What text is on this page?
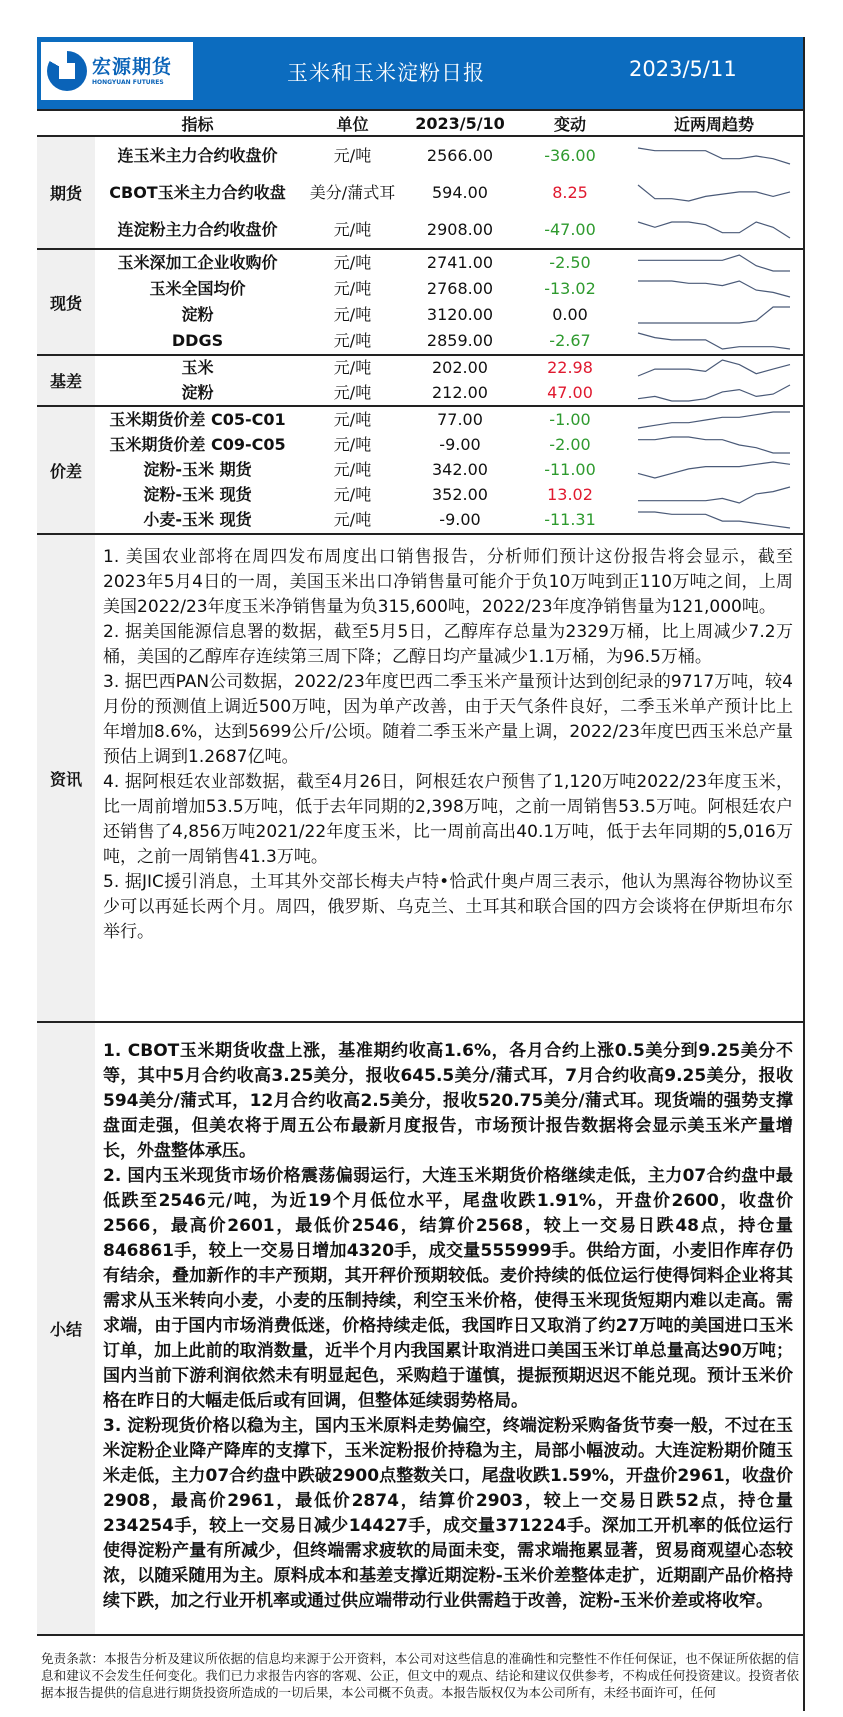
宏源期货
HONGYUAN FUTURES	玉米和玉米淀粉日报	2023/5/11
指标	单位	2023/5/10	变动	近两周趋势
期货
连玉米主力合约收盘价	元/吨	2566.00	-36.00
CBOT玉米主力合约收盘	美分/蒲式耳	594.00	8.25
连淀粉主力合约收盘价	元/吨	2908.00	-47.00
现货
玉米深加工企业收购价	元/吨	2741.00	-2.50
玉米全国均价	元/吨	2768.00	-13.02
淀粉	元/吨	3120.00	0.00
DDGS	元/吨	2859.00	-2.67
基差
玉米	元/吨	202.00	22.98
淀粉	元/吨	212.00	47.00
价差
玉米期货价差 C05-C01	元/吨	77.00	-1.00
玉米期货价差 C09-C05	元/吨	-9.00	-2.00
淀粉-玉米 期货	元/吨	342.00	-11.00
淀粉-玉米 现货	元/吨	352.00	13.02
小麦-玉米 现货	元/吨	-9.00	-11.31
资讯

1. 美国农业部将在周四发布周度出口销售报告，分析师们预计这份报告将会显示，截至2023年5月4日的一周，美国玉米出口净销售量可能介于负10万吨到正110万吨之间，上周美国2022/23年度玉米净销售量为负315,600吨，2022/23年度净销售量为121,000吨。

2. 据美国能源信息署的数据，截至5月5日，乙醇库存总量为2329万桶，比上周减少7.2万桶，美国的乙醇库存连续第三周下降；乙醇日均产量减少1.1万桶，为96.5万桶。

3. 据巴西PAN公司数据，2022/23年度巴西二季玉米产量预计达到创纪录的9717万吨，较4月份的预测值上调近500万吨，因为单产改善，由于天气条件良好，二季玉米单产预计比上年增加8.6%，达到5699公斤/公顷。随着二季玉米产量上调，2022/23年度巴西玉米总产量预估上调到1.2687亿吨。

4. 据阿根廷农业部数据，截至4月26日，阿根廷农户预售了1,120万吨2022/23年度玉米，比一周前增加53.5万吨，低于去年同期的2,398万吨，之前一周销售53.5万吨。阿根廷农户还销售了4,856万吨2021/22年度玉米，比一周前高出40.1万吨，低于去年同期的5,016万吨，之前一周销售41.3万吨。

5. 据JIC援引消息，土耳其外交部长梅夫卢特•恰武什奥卢周三表示，他认为黑海谷物协议至少可以再延长两个月。周四，俄罗斯、乌克兰、土耳其和联合国的四方会谈将在伊斯坦布尔举行。

小结

1. CBOT玉米期货收盘上涨，基准期约收高1.6%，各月合约上涨0.5美分到9.25美分不等，其中5月合约收高3.25美分，报收645.5美分/蒲式耳，7月合约收高9.25美分，报收594美分/蒲式耳，12月合约收高2.5美分，报收520.75美分/蒲式耳。现货端的强势支撑盘面走强，但美农将于周五公布最新月度报告，市场预计报告数据将会显示美玉米产量增长，外盘整体承压。

2. 国内玉米现货市场价格震荡偏弱运行，大连玉米期货价格继续走低，主力07合约盘中最低跌至2546元/吨，为近19个月低位水平，尾盘收跌1.91%，开盘价2600，收盘价2566，最高价2601，最低价2546，结算价2568，较上一交易日跌48点，持仓量846861手，较上一交易日增加4320手，成交量555999手。供给方面，小麦旧作库存仍有结余，叠加新作的丰产预期，其开秤价预期较低。麦价持续的低位运行使得饲料企业将其需求从玉米转向小麦，小麦的压制持续，利空玉米价格，使得玉米现货短期内难以走高。需求端，由于国内市场消费低迷，价格持续走低，我国昨日又取消了约27万吨的美国进口玉米订单，加上此前的取消数量，近半个月内我国累计取消进口美国玉米订单总量高达90万吨；国内当前下游利润依然未有明显起色，采购趋于谨慎，提振预期迟迟不能兑现。预计玉米价格在昨日的大幅走低后或有回调，但整体延续弱势格局。

3. 淀粉现货价格以稳为主，国内玉米原料走势偏空，终端淀粉采购备货节奏一般，不过在玉米淀粉企业降产降库的支撑下，玉米淀粉报价持稳为主，局部小幅波动。大连淀粉期价随玉米走低，主力07合约盘中跌破2900点整数关口，尾盘收跌1.59%，开盘价2961，收盘价2908，最高价2961，最低价2874，结算价2903，较上一交易日跌52点，持仓量234254手，较上一交易日减少14427手，成交量371224手。深加工开机率的低位运行使得淀粉产量有所减少，但终端需求疲软的局面未变，需求端拖累显著，贸易商观望心态较浓，以随采随用为主。原料成本和基差支撑近期淀粉-玉米价差整体走扩，近期副产品价格持续下跌，加之行业开机率或通过供应端带动行业供需趋于改善，淀粉-玉米价差或将收窄。

免责条款：本报告分析及建议所依据的信息均来源于公开资料，本公司对这些信息的准确性和完整性不作任何保证，也不保证所依据的信息和建议不会发生任何变化。我们已力求报告内容的客观、公正，但文中的观点、结论和建议仅供参考，不构成任何投资建议。投资者依据本报告提供的信息进行期货投资所造成的一切后果，本公司概不负责。本报告版权仅为本公司所有，未经书面许可，任何
